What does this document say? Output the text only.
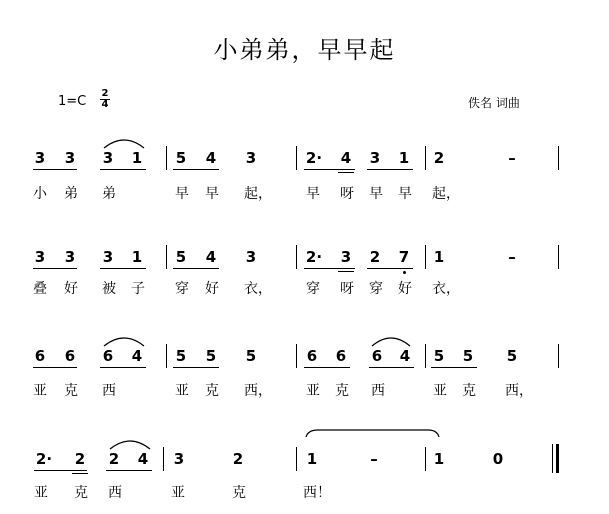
小弟弟，早早起
1=C
2
4	佚名 词曲
3 3 3 1 5 4 3	2· 4 3 1 2	–
小 弟 弟	早 早 起， 早 呀 早 早 起，
3 3 3 1 5 4 3	2· 3 2 7 1	–
叠 好 被 子 穿 好 衣， 穿 呀 穿 好 衣，
6 6 6 4 5 5 5	6 6 6 4 5 5 5
亚 克 西	亚 克 西， 亚 克 西	亚 克 西，
2· 2 2 4 3	2	1	–	1	0
亚 克 西	亚	克	西！
